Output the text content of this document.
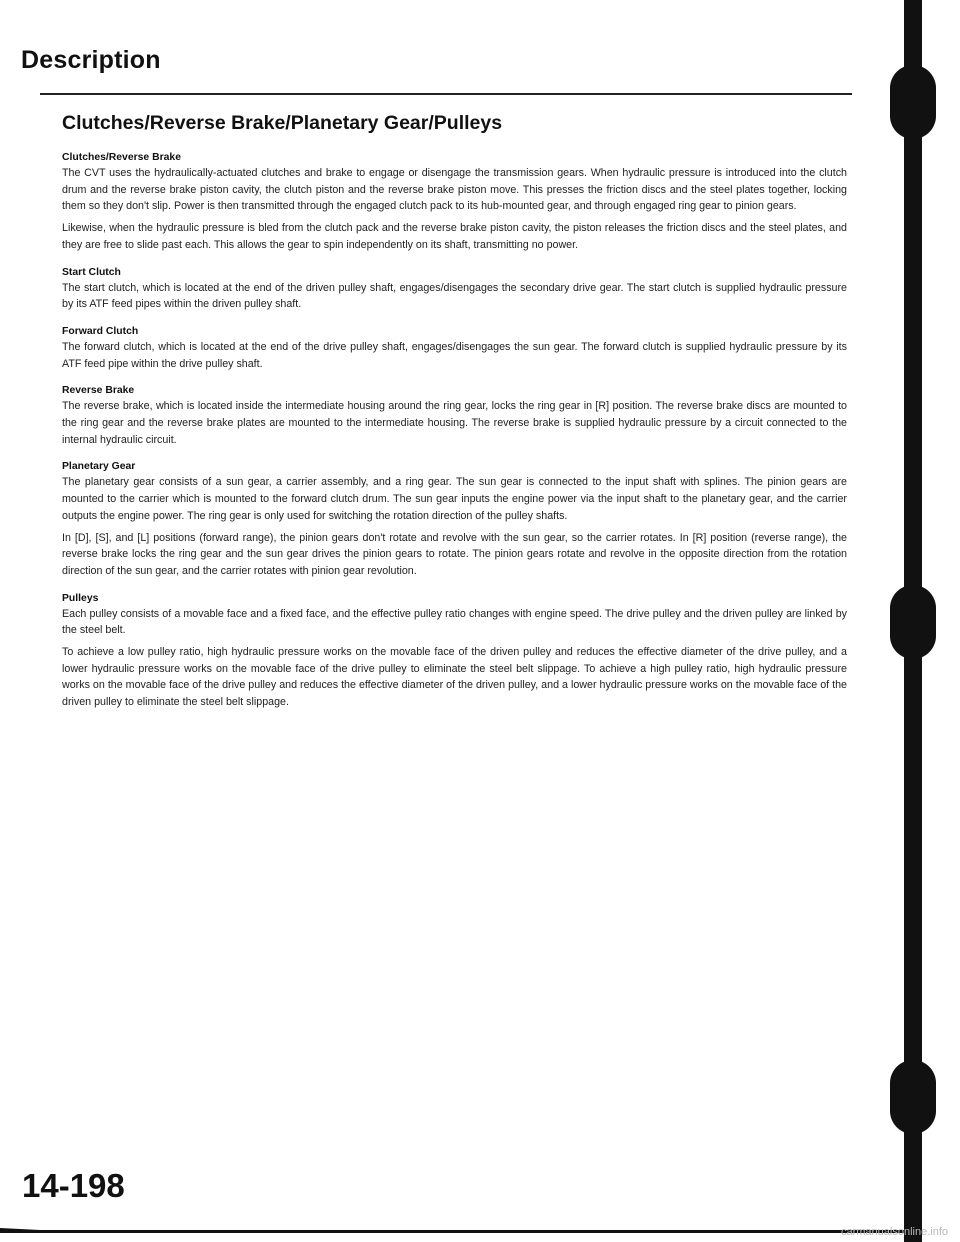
Description
Clutches/Reverse Brake/Planetary Gear/Pulleys

Clutches/Reverse Brake

The CVT uses the hydraulically-actuated clutches and brake to engage or disengage the transmission gears. When hydraulic pressure is introduced into the clutch drum and the reverse brake piston cavity, the clutch piston and the reverse brake piston move. This presses the friction discs and the steel plates together, locking them so they don't slip. Power is then transmitted through the engaged clutch pack to its hub-mounted gear, and through engaged ring gear to pinion gears.

Likewise, when the hydraulic pressure is bled from the clutch pack and the reverse brake piston cavity, the piston releases the friction discs and the steel plates, and they are free to slide past each. This allows the gear to spin independently on its shaft, transmitting no power.

Start Clutch

The start clutch, which is located at the end of the driven pulley shaft, engages/disengages the secondary drive gear. The start clutch is supplied hydraulic pressure by its ATF feed pipes within the driven pulley shaft.

Forward Clutch

The forward clutch, which is located at the end of the drive pulley shaft, engages/disengages the sun gear. The forward clutch is supplied hydraulic pressure by its ATF feed pipe within the drive pulley shaft.

Reverse Brake

The reverse brake, which is located inside the intermediate housing around the ring gear, locks the ring gear in [R] position. The reverse brake discs are mounted to the ring gear and the reverse brake plates are mounted to the intermediate housing. The reverse brake is supplied hydraulic pressure by a circuit connected to the internal hydraulic circuit.

Planetary Gear

The planetary gear consists of a sun gear, a carrier assembly, and a ring gear. The sun gear is connected to the input shaft with splines. The pinion gears are mounted to the carrier which is mounted to the forward clutch drum. The sun gear inputs the engine power via the input shaft to the planetary gear, and the carrier outputs the engine power. The ring gear is only used for switching the rotation direction of the pulley shafts.

In [D], [S], and [L] positions (forward range), the pinion gears don't rotate and revolve with the sun gear, so the carrier rotates. In [R] position (reverse range), the reverse brake locks the ring gear and the sun gear drives the pinion gears to rotate. The pinion gears rotate and revolve in the opposite direction from the rotation direction of the sun gear, and the carrier rotates with pinion gear revolution.

Pulleys

Each pulley consists of a movable face and a fixed face, and the effective pulley ratio changes with engine speed. The drive pulley and the driven pulley are linked by the steel belt.

To achieve a low pulley ratio, high hydraulic pressure works on the movable face of the driven pulley and reduces the effective diameter of the drive pulley, and a lower hydraulic pressure works on the movable face of the drive pulley to eliminate the steel belt slippage. To achieve a high pulley ratio, high hydraulic pressure works on the movable face of the drive pulley and reduces the effective diameter of the driven pulley, and a lower hydraulic pressure works on the movable face of the driven pulley to eliminate the steel belt slippage.

14-198
carmanualsonline.info
